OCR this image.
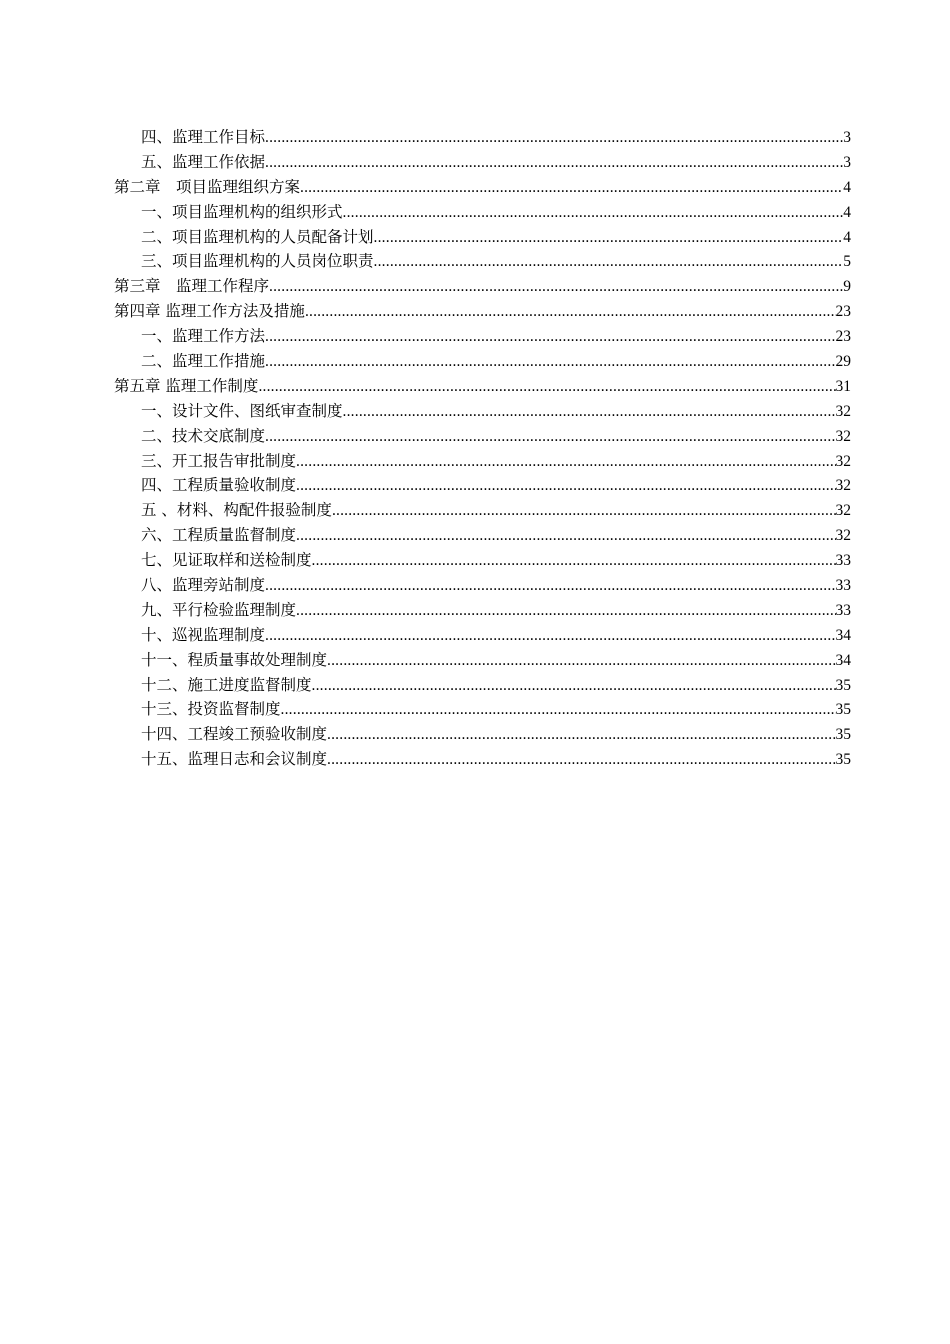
四、监理工作目标 .....	3
五、监理工作依据 .....	3
第二章　项目监理组织方案 .....	4
一、项目监理机构的组织形式 .....	4
二、项目监理机构的人员配备计划 .....	4
三、项目监理机构的人员岗位职责 .....	5
第三章　监理工作程序 .....	9
第四章 监理工作方法及措施 .....	23
一、监理工作方法 .....	23
二、监理工作措施 .....	29
第五章 监理工作制度 .....	31
一、设计文件、图纸审查制度 .....	32
二、技术交底制度 .....	32
三、开工报告审批制度 .....	32
四、工程质量验收制度 .....	32
五 、材料、构配件报验制度 .....	32
六、工程质量监督制度 .....	32
七、见证取样和送检制度 .....	33
八、监理旁站制度 .....	33
九、平行检验监理制度 .....	33
十、巡视监理制度 .....	34
十一、程质量事故处理制度 .....	34
十二、施工进度监督制度 .....	35
十三、投资监督制度 .....	35
十四、工程竣工预验收制度 .....	35
十五、监理日志和会议制度 .....	35
